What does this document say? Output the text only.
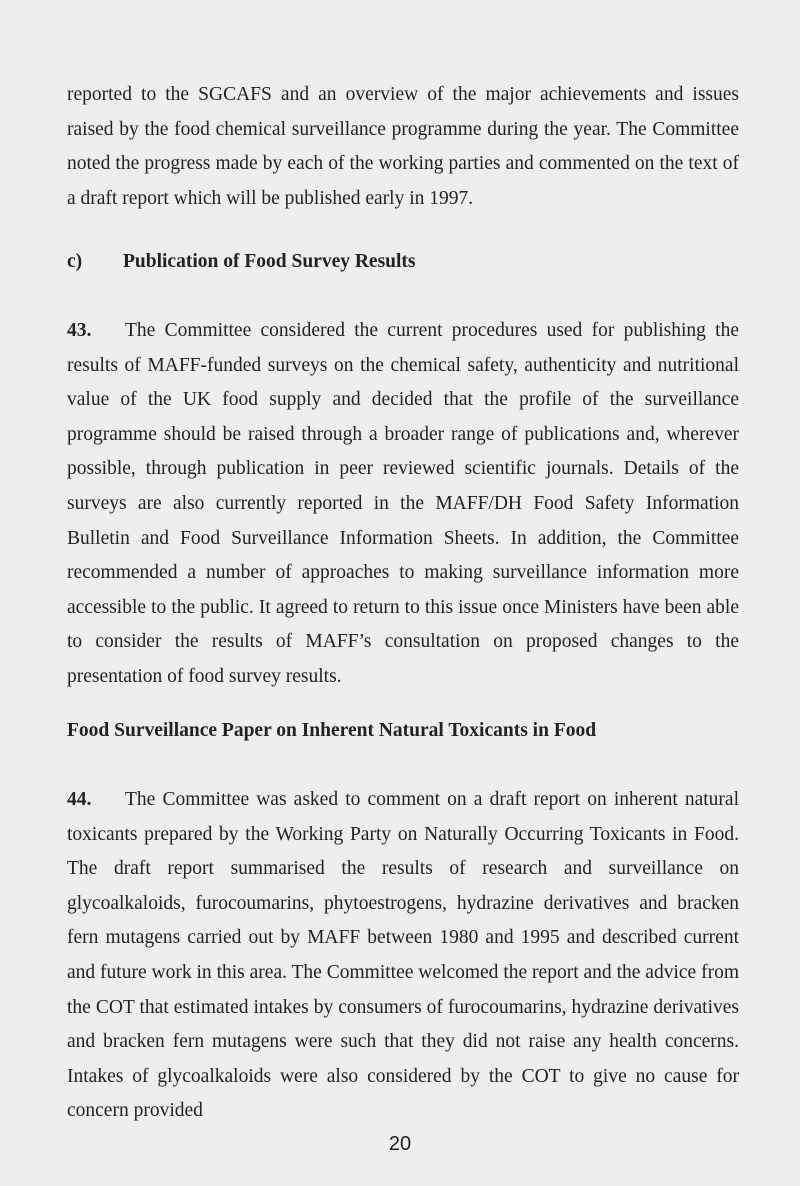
reported to the SGCAFS and an overview of the major achievements and issues raised by the food chemical surveillance programme during the year. The Committee noted the progress made by each of the working parties and commented on the text of a draft report which will be published early in 1997.

c) Publication of Food Survey Results

43. The Committee considered the current procedures used for publishing the results of MAFF-funded surveys on the chemical safety, authenticity and nutritional value of the UK food supply and decided that the profile of the surveillance programme should be raised through a broader range of publications and, wherever possible, through publication in peer reviewed scientific journals. Details of the surveys are also currently reported in the MAFF/DH Food Safety Information Bulletin and Food Surveillance Information Sheets. In addition, the Committee recommended a number of approaches to making surveillance information more accessible to the public. It agreed to return to this issue once Ministers have been able to consider the results of MAFF’s consultation on proposed changes to the presentation of food survey results.

Food Surveillance Paper on Inherent Natural Toxicants in Food

44. The Committee was asked to comment on a draft report on inherent natural toxicants prepared by the Working Party on Naturally Occurring Toxicants in Food. The draft report summarised the results of research and surveillance on glycoalkaloids, furocoumarins, phytoestrogens, hydrazine derivatives and bracken fern mutagens carried out by MAFF between 1980 and 1995 and described current and future work in this area. The Committee welcomed the report and the advice from the COT that estimated intakes by consumers of furocoumarins, hydrazine derivatives and bracken fern mutagens were such that they did not raise any health concerns. Intakes of glycoalkaloids were also considered by the COT to give no cause for concern provided

20
